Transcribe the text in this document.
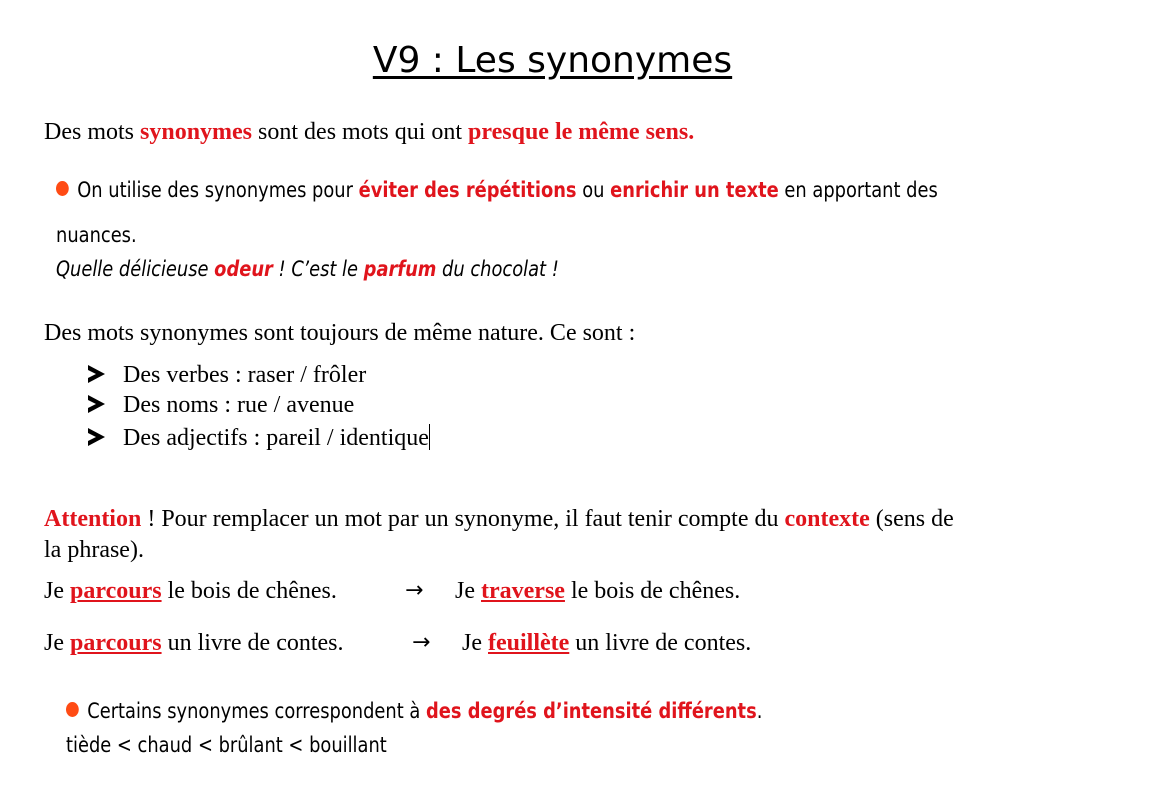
V9 : Les synonymes
Des mots synonymes sont des mots qui ont presque le même sens.
On utilise des synonymes pour éviter des répétitions ou enrichir un texte en apportant des
nuances.
Quelle délicieuse odeur ! C’est le parfum du chocolat !
Des mots synonymes sont toujours de même nature. Ce sont :
Des verbes : raser / frôler
Des noms : rue / avenue
Des adjectifs : pareil / identique
Attention ! Pour remplacer un mot par un synonyme, il faut tenir compte du contexte (sens de
la phrase).
Je parcours le bois de chênes.	→ Je traverse le bois de chênes.
Je parcours un livre de contes.	→ Je feuillète un livre de contes.
Certains synonymes correspondent à des degrés d’intensité différents.
tiède < chaud < brûlant < bouillant
